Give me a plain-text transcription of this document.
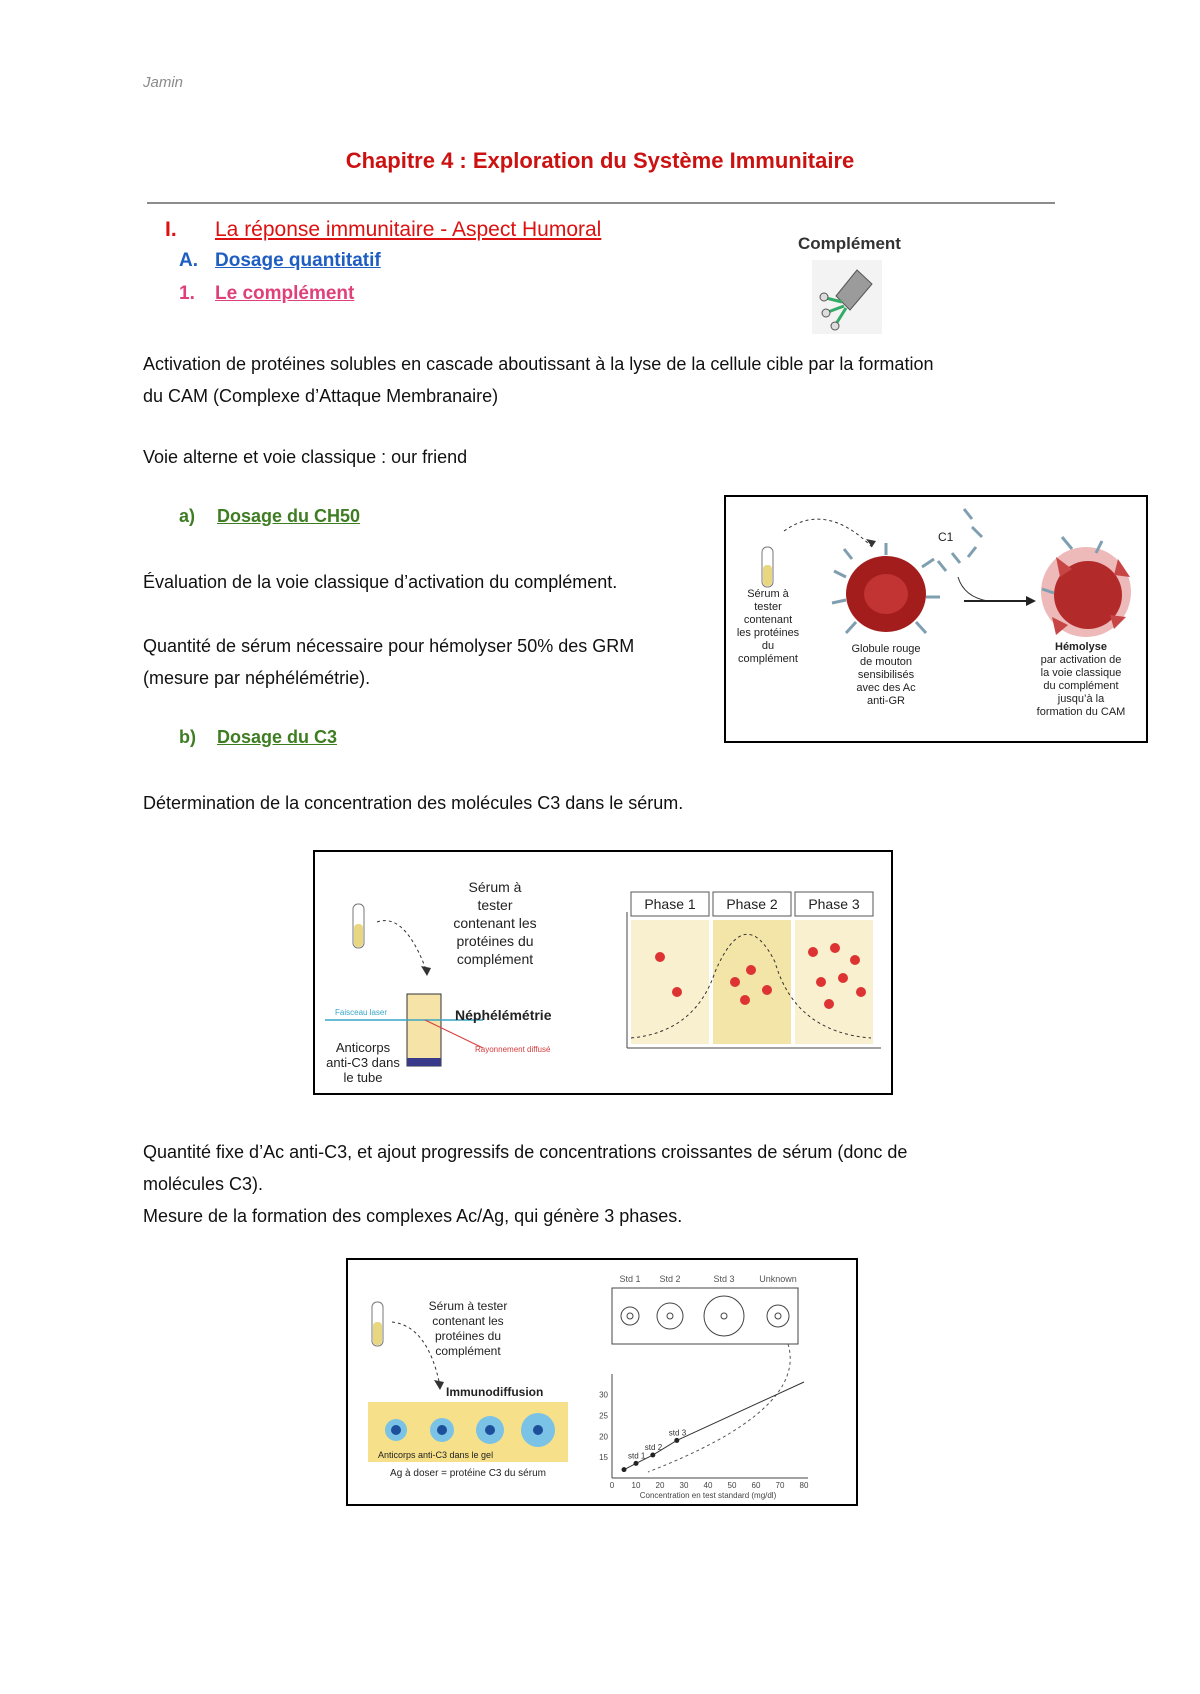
Jamin
Chapitre 4 : Exploration du Système Immunitaire
I. La réponse immunitaire - Aspect Humoral
A. Dosage quantitatif
1. Le complément
Complément
Activation de protéines solubles en cascade aboutissant à la lyse de la cellule cible par la formation
du CAM (Complexe d’Attaque Membranaire)
Voie alterne et voie classique : our friend
a) Dosage du CH50
Évaluation de la voie classique d’activation du complément.
Quantité de sérum nécessaire pour hémolyser 50% des GRM
(mesure par néphélémétrie).
b) Dosage du C3
Détermination de la concentration des molécules C3 dans le sérum.
Quantité fixe d’Ac anti-C3, et ajout progressifs de concentrations croissantes de sérum (donc de
molécules C3).
Mesure de la formation des complexes Ac/Ag, qui génère 3 phases.
Sérum à
tester
contenant
les protéines
du
complément
Globule rouge
de mouton
sensibilisés
avec des Ac
anti-GR
C1
Hémolyse
par activation de
la voie classique
du complément
jusqu’à la
formation du CAM
Sérum à
tester
contenant les
protéines du
complément
Faisceau laser	Néphélémétrie
Anticorps
anti-C3 dans
le tube
Rayonnement diffusé
Phase 1 Phase 2 Phase 3
Sérum à tester
contenant les
protéines du
complément
Immunodiffusion
Anticorps anti-C3 dans le gel
Ag à doser = protéine C3 du sérum
Std 1 Std 2	Std 3	Unknown
15
20
25
30
0 10 20 30 40 50 60 70 80
std 1
std 2
std 3
Concentration en test standard (mg/dl)
